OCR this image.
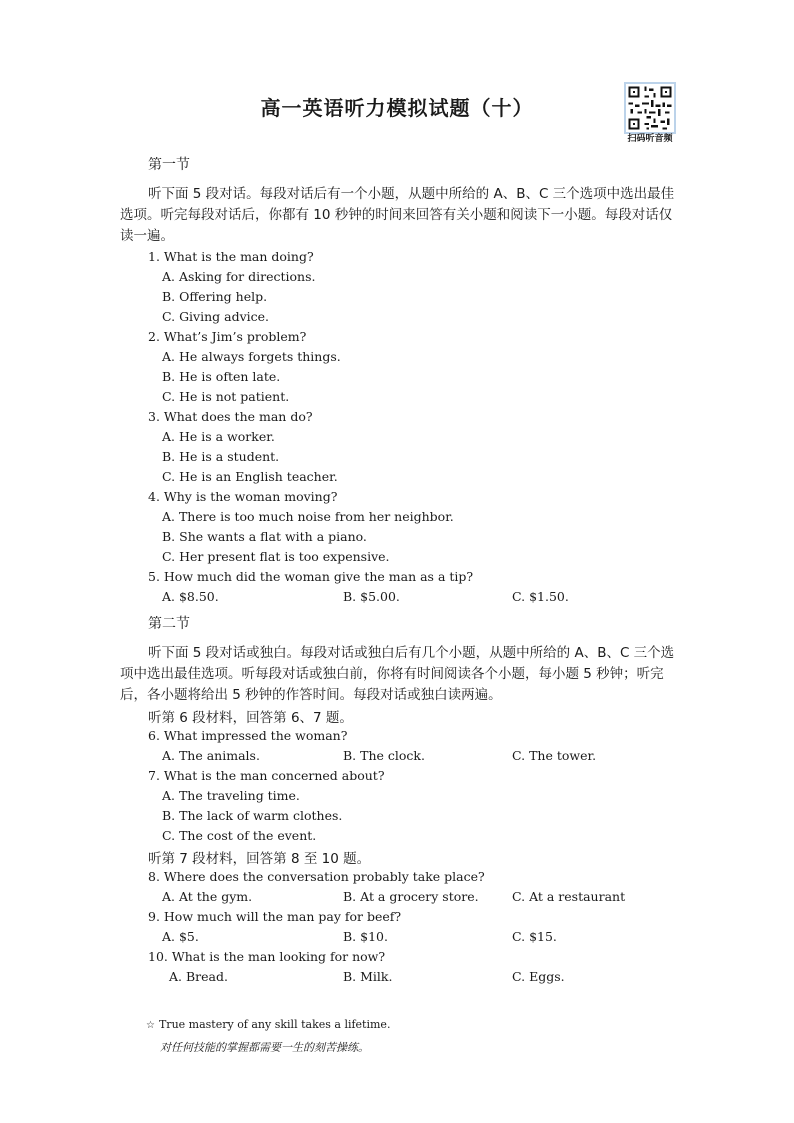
高一英语听力模拟试题（十）
扫码听音频
第一节
听下面 5 段对话。每段对话后有一个小题，从题中所给的 A、B、C 三个选项中选出最佳选项。听完每段对话后，你都有 10 秒钟的时间来回答有关小题和阅读下一小题。每段对话仅读一遍。
1. What is the man doing?
A. Asking for directions.
B. Offering help.
C. Giving advice.
2. What’s Jim’s problem?
A. He always forgets things.
B. He is often late.
C. He is not patient.
3. What does the man do?
A. He is a worker.
B. He is a student.
C. He is an English teacher.
4. Why is the woman moving?
A. There is too much noise from her neighbor.
B. She wants a flat with a piano.
C. Her present flat is too expensive.
5. How much did the woman give the man as a tip?
A. $8.50.	B. $5.00.	C. $1.50.
第二节
听下面 5 段对话或独白。每段对话或独白后有几个小题，从题中所给的 A、B、C 三个选项中选出最佳选项。听每段对话或独白前，你将有时间阅读各个小题，每小题 5 秒钟；听完后，各小题将给出 5 秒钟的作答时间。每段对话或独白读两遍。
听第 6 段材料，回答第 6、7 题。
6. What impressed the woman?
A. The animals.	B. The clock.	C. The tower.
7. What is the man concerned about?
A. The traveling time.
B. The lack of warm clothes.
C. The cost of the event.
听第 7 段材料，回答第 8 至 10 题。
8. Where does the conversation probably take place?
A. At the gym.	B. At a grocery store.	C. At a restaurant
9. How much will the man pay for beef?
A. $5.	B. $10.	C. $15.
10. What is the man looking for now?
A. Bread.	B. Milk.	C. Eggs.
☆ True mastery of any skill takes a lifetime.
对任何技能的掌握都需要一生的刻苦操练。
